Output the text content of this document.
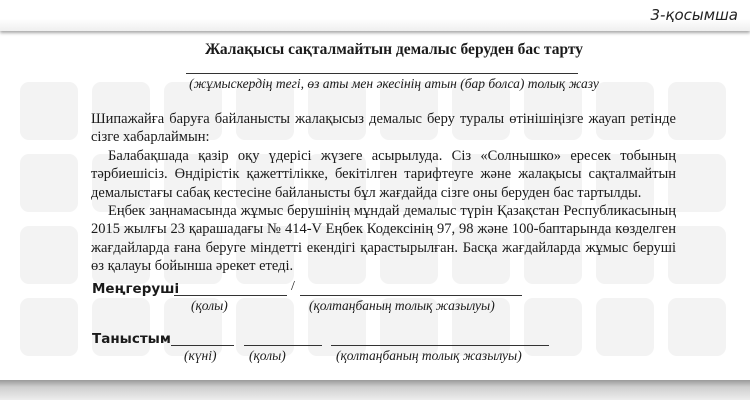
3-қосымша
Жалақысы сақталмайтын демалыс беруден бас тарту
(жұмыскердің тегі, өз аты мен әкесінің атын (бар болса) толық жазу

Шипажайға баруға байланысты жалақысыз демалыс беру туралы өтінішіңізге жауап ретінде сізге хабарлаймын:

Балабақшада қазір оқу үдерісі жүзеге асырылуда. Сіз «Солнышко» ересек тобының тәрбиешісіз. Өндірістік қажеттілікке, бекітілген тарифтеуге және жалақысы сақталмайтын демалыстағы сабақ кестесіне байланысты бұл жағдайда сізге оны беруден бас тартылды.

Еңбек заңнамасында жұмыс берушінің мұндай демалыс түрін Қазақстан Республикасының 2015 жылғы 23 қарашадағы № 414-V Еңбек Кодексінің 97, 98 және 100-баптарында көзделген жағдайларда ғана беруге міндетті екендігі қарастырылған. Басқа жағдайларда жұмыс беруші өз қалауы бойынша әрекет етеді.

Меңгеруші	/
(қолы)	(қолтаңбаның толық жазылуы)
Таныстым
(күні) (қолы)	(қолтаңбаның толық жазылуы)
